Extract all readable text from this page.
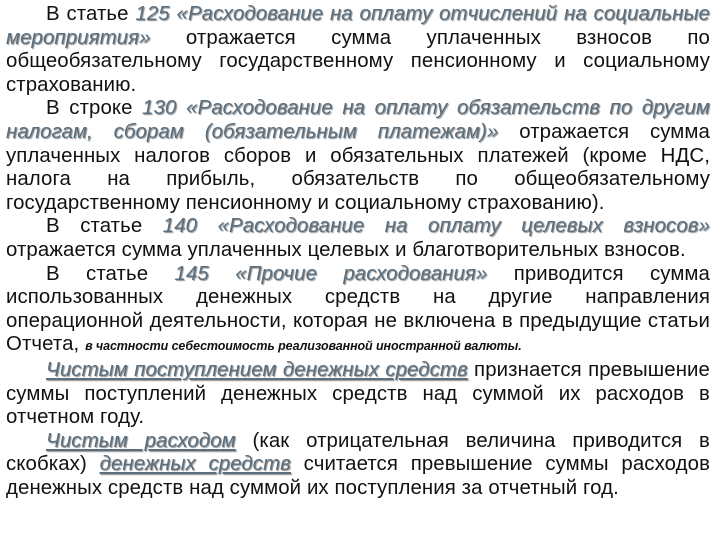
В статье 125 «Расходование на оплату отчислений на социальные мероприятия» отражается сумма уплаченных взносов по общеобязательному государственному пенсионному и социальному страхованию.

В строке 130 «Расходование на оплату обязательств по другим налогам, сборам (обязательным платежам)» отражается сумма уплаченных налогов сборов и обязательных платежей (кроме НДС, налога на прибыль, обязательств по общеобязательному государственному пенсионному и социальному страхованию).

В статье 140 «Расходование на оплату целевых взносов» отражается сумма уплаченных целевых и благотворительных взносов.

В статье 145 «Прочие расходования» приводится сумма использованных денежных средств на другие направления операционной деятельности, которая не включена в предыдущие статьи Отчета, в частности себестоимость реализованной иностранной валюты.

Чистым поступлением денежных средств признается превышение суммы поступлений денежных средств над суммой их расходов в отчетном году.

Чистым расходом (как отрицательная величина приводится в скобках) денежных средств считается превышение суммы расходов денежных средств над суммой их поступления за отчетный год.
